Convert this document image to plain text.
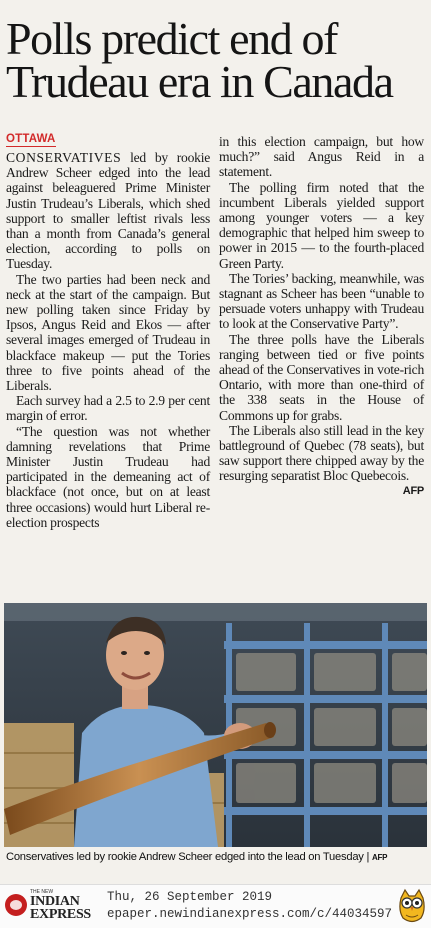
Polls predict end of Trudeau era in Canada
OTTAWA

CONSERVATIVES led by rookie Andrew Scheer edged into the lead against beleaguered Prime Minister Justin Trudeau’s Liberals, which shed support to smaller leftist rivals less than a month from Canada’s general election, according to polls on Tuesday.

The two parties had been neck and neck at the start of the campaign. But new polling taken since Friday by Ipsos, Angus Reid and Ekos — after several images emerged of Trudeau in blackface makeup — put the Tories three to five points ahead of the Liberals.

Each survey had a 2.5 to 2.9 per cent margin of error.

“The question was not whether damning revelations that Prime Minister Justin Trudeau had participated in the demeaning act of blackface (not once, but on at least three occasions) would hurt Liberal re-election prospects

in this election campaign, but how much?” said Angus Reid in a statement.

The polling firm noted that the incumbent Liberals yielded support among younger voters — a key demographic that helped him sweep to power in 2015 — to the fourth-placed Green Party.

The Tories’ backing, meanwhile, was stagnant as Scheer has been “unable to persuade voters unhappy with Trudeau to look at the Conservative Party”.

The three polls have the Liberals ranging between tied or five points ahead of the Conservatives in vote-rich Ontario, with more than one-third of the 338 seats in the House of Commons up for grabs.

The Liberals also still lead in the key battleground of Quebec (78 seats), but saw support there chipped away by the resurging separatist Bloc Quebecois.
AFP

Conservatives led by rookie Andrew Scheer edged into the lead on Tuesday | AFP
THE NEW
INDIAN
EXPRESS
Thu, 26 September 2019
epaper.newindianexpress.com/c/44034597
